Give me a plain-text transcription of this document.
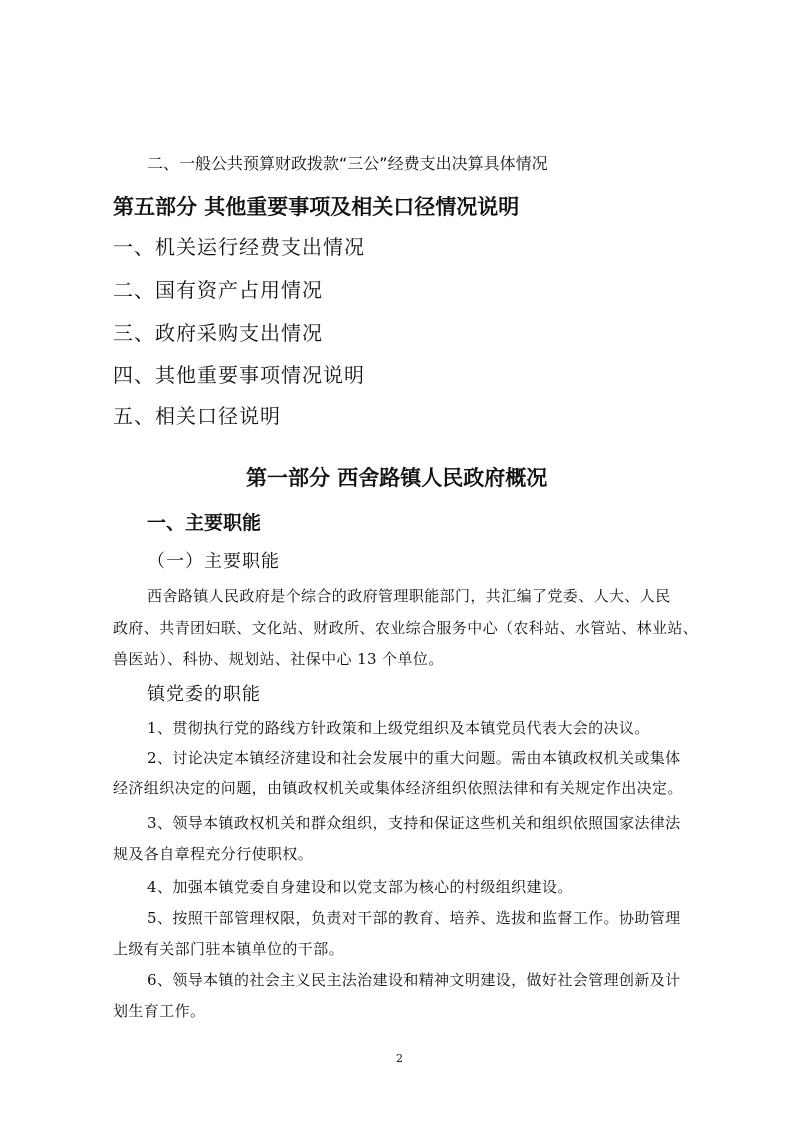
二、一般公共预算财政拨款“三公”经费支出决算具体情况
第五部分 其他重要事项及相关口径情况说明
一、机关运行经费支出情况
二、国有资产占用情况
三、政府采购支出情况
四、其他重要事项情况说明
五、相关口径说明
第一部分 西舍路镇人民政府概况
一、主要职能
（一）主要职能
西舍路镇人民政府是个综合的政府管理职能部门，共汇编了党委、人大、人民
政府、共青团妇联、文化站、财政所、农业综合服务中心（农科站、水管站、林业站、
兽医站）、科协、规划站、社保中心 13 个单位。
镇党委的职能
1、贯彻执行党的路线方针政策和上级党组织及本镇党员代表大会的决议。
2、讨论决定本镇经济建设和社会发展中的重大问题。需由本镇政权机关或集体
经济组织决定的问题，由镇政权机关或集体经济组织依照法律和有关规定作出决定。
3、领导本镇政权机关和群众组织，支持和保证这些机关和组织依照国家法律法
规及各自章程充分行使职权。
4、加强本镇党委自身建设和以党支部为核心的村级组织建设。
5、按照干部管理权限，负责对干部的教育、培养、选拔和监督工作。协助管理
上级有关部门驻本镇单位的干部。
6、领导本镇的社会主义民主法治建设和精神文明建设，做好社会管理创新及计
划生育工作。
2
